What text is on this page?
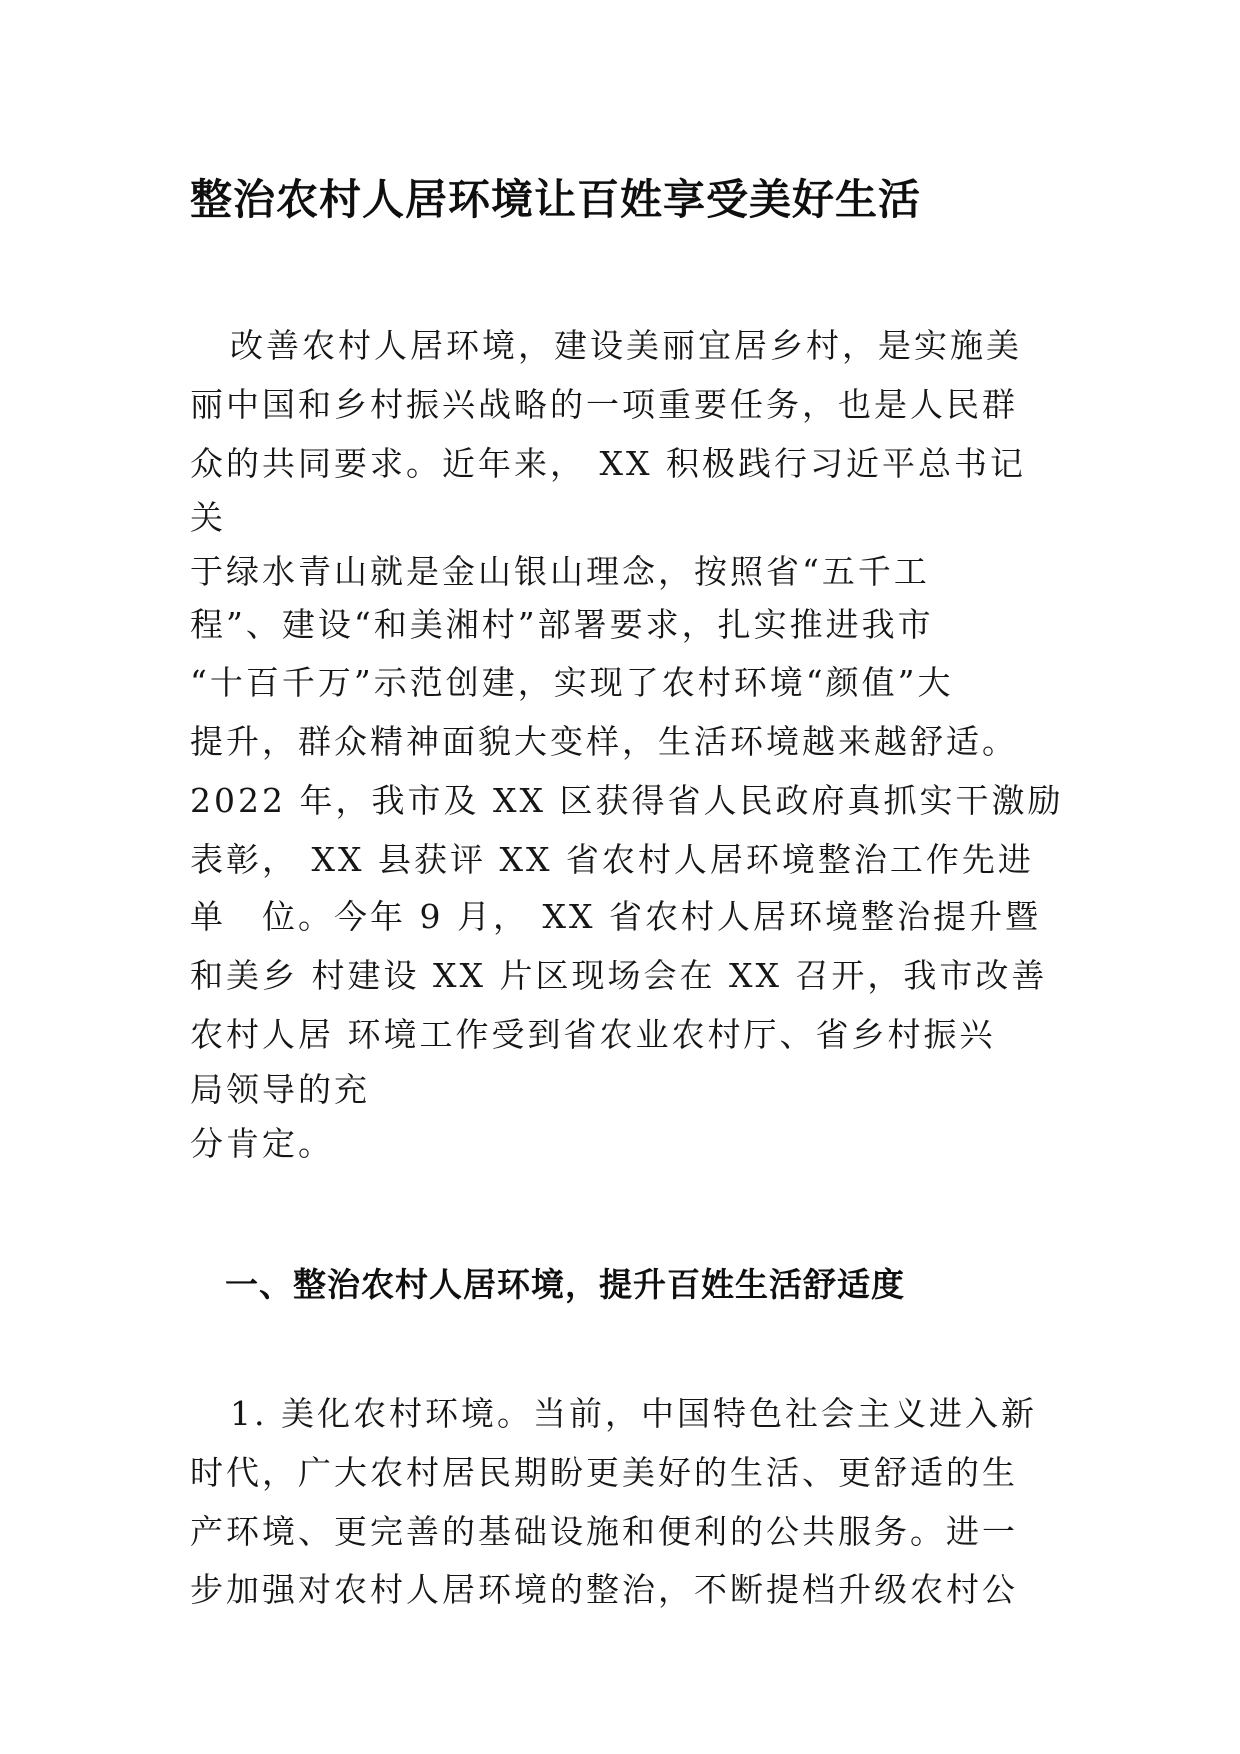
整治农村人居环境让百姓享受美好生活

改善农村人居环境，建设美丽宜居乡村，是实施美

丽中国和乡村振兴战略的一项重要任务，也是人民群

众的共同要求。近年来， XX 积极践行习近平总书记

关

于绿水青山就是金山银山理念，按照省“五千工

程”、建设“和美湘村”部署要求，扎实推进我市

“十百千万”示范创建，实现了农村环境“颜值”大

提升，群众精神面貌大变样，生活环境越来越舒适。

2022 年，我市及 XX 区获得省人民政府真抓实干激励

表彰， XX 县获评 XX 省农村人居环境整治工作先进

单　位。今年 9 月， XX 省农村人居环境整治提升暨

和美乡 村建设 XX 片区现场会在 XX 召开，我市改善

农村人居 环境工作受到省农业农村厅、省乡村振兴

局领导的充

分肯定。

一、整治农村人居环境，提升百姓生活舒适度

1. 美化农村环境。当前，中国特色社会主义进入新

时代，广大农村居民期盼更美好的生活、更舒适的生

产环境、更完善的基础设施和便利的公共服务。进一

步加强对农村人居环境的整治，不断提档升级农村公
